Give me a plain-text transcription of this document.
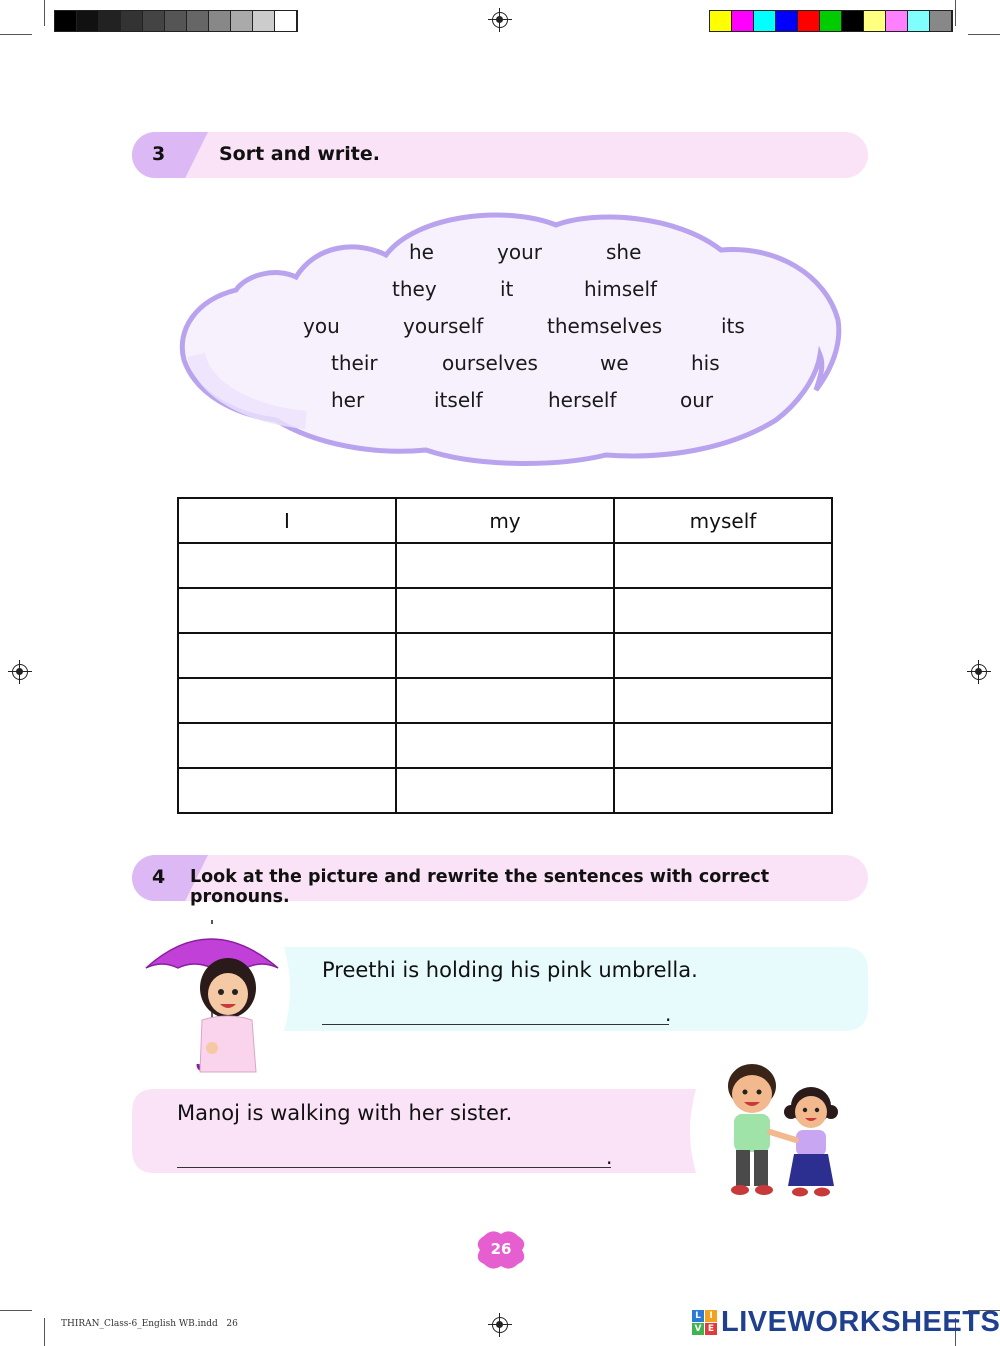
3	Sort and write.
he	your	she
they	it	himself
you	yourself	themselves	its
their	ourselves	we	his
her	itself	herself	our
I	my	myself

4 Look at the picture and rewrite the sentences with correct pronouns.
Preethi is holding his pink umbrella.
.
Manoj is walking with her sister.
.
26
THIRAN_Class-6_English WB.indd   26
L I
V E LIVEWORKSHEETS
